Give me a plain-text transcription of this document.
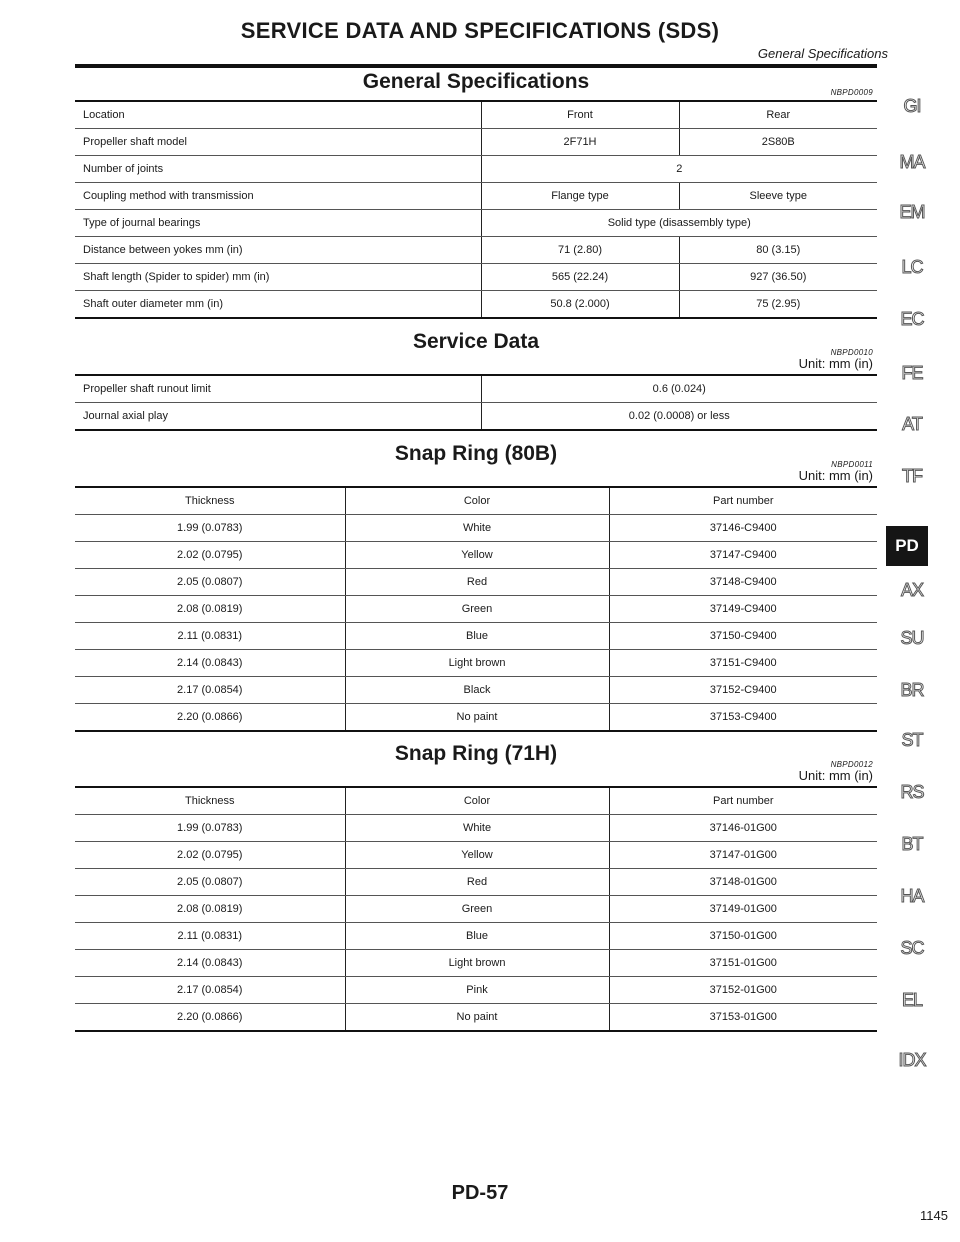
SERVICE DATA AND SPECIFICATIONS (SDS)
General Specifications
General Specifications	NBPD0009
Location	Front	Rear
Propeller shaft model	2F71H	2S80B
Number of joints	2	
Coupling method with transmission	Flange type	Sleeve type
Type of journal bearings	Solid type (disassembly type)	
Distance between yokes mm (in)	71 (2.80)	80 (3.15)
Shaft length (Spider to spider) mm (in)	565 (22.24)	927 (36.50)
Shaft outer diameter mm (in)	50.8 (2.000)	75 (2.95)
Service Data	NBPD0010
Unit: mm (in)
Propeller shaft runout limit	0.6 (0.024)
Journal axial play	0.02 (0.0008) or less
Snap Ring (80B)	NBPD0011
Unit: mm (in)
Thickness	Color	Part number
1.99 (0.0783)	White	37146-C9400
2.02 (0.0795)	Yellow	37147-C9400
2.05 (0.0807)	Red	37148-C9400
2.08 (0.0819)	Green	37149-C9400
2.11 (0.0831)	Blue	37150-C9400
2.14 (0.0843)	Light brown	37151-C9400
2.17 (0.0854)	Black	37152-C9400
2.20 (0.0866)	No paint	37153-C9400
Snap Ring (71H)	NBPD0012
Unit: mm (in)
Thickness	Color	Part number
1.99 (0.0783)	White	37146-01G00
2.02 (0.0795)	Yellow	37147-01G00
2.05 (0.0807)	Red	37148-01G00
2.08 (0.0819)	Green	37149-01G00
2.11 (0.0831)	Blue	37150-01G00
2.14 (0.0843)	Light brown	37151-01G00
2.17 (0.0854)	Pink	37152-01G00
2.20 (0.0866)	No paint	37153-01G00
GI
MA
EM
LC
EC
FE
AT
TF
PD
AX
SU
BR
ST
RS
BT
HA
SC
EL
IDX
PD-57
1145
